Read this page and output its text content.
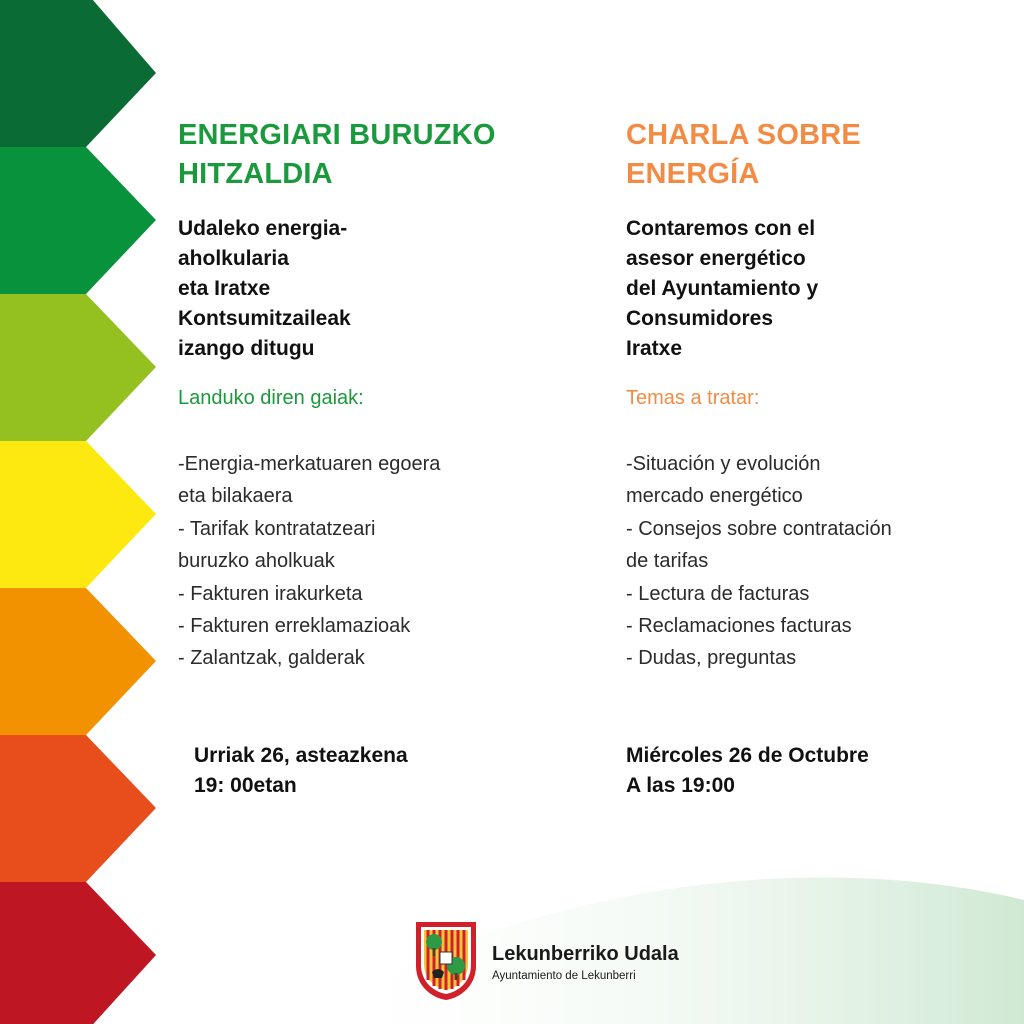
ENERGIARI BURUZKO
HITZALDIA

Udaleko energia-
aholkularia
eta Iratxe
Kontsumitzaileak
izango ditugu

Landuko diren gaiak:

-Energia-merkatuaren egoera
eta bilakaera
- Tarifak kontratatzeari
buruzko aholkuak
- Fakturen irakurketa
- Fakturen erreklamazioak
- Zalantzak, galderak

Urriak 26, asteazkena
19: 00etan

CHARLA SOBRE
ENERGÍA

Contaremos con el
asesor energético
del Ayuntamiento y
Consumidores
Iratxe

Temas a tratar:

-Situación y evolución
mercado energético
- Consejos sobre contratación
de tarifas
- Lectura de facturas
- Reclamaciones facturas
- Dudas, preguntas

Miércoles 26 de Octubre
A las 19:00

Lekunberriko Udala
Ayuntamiento de Lekunberri
